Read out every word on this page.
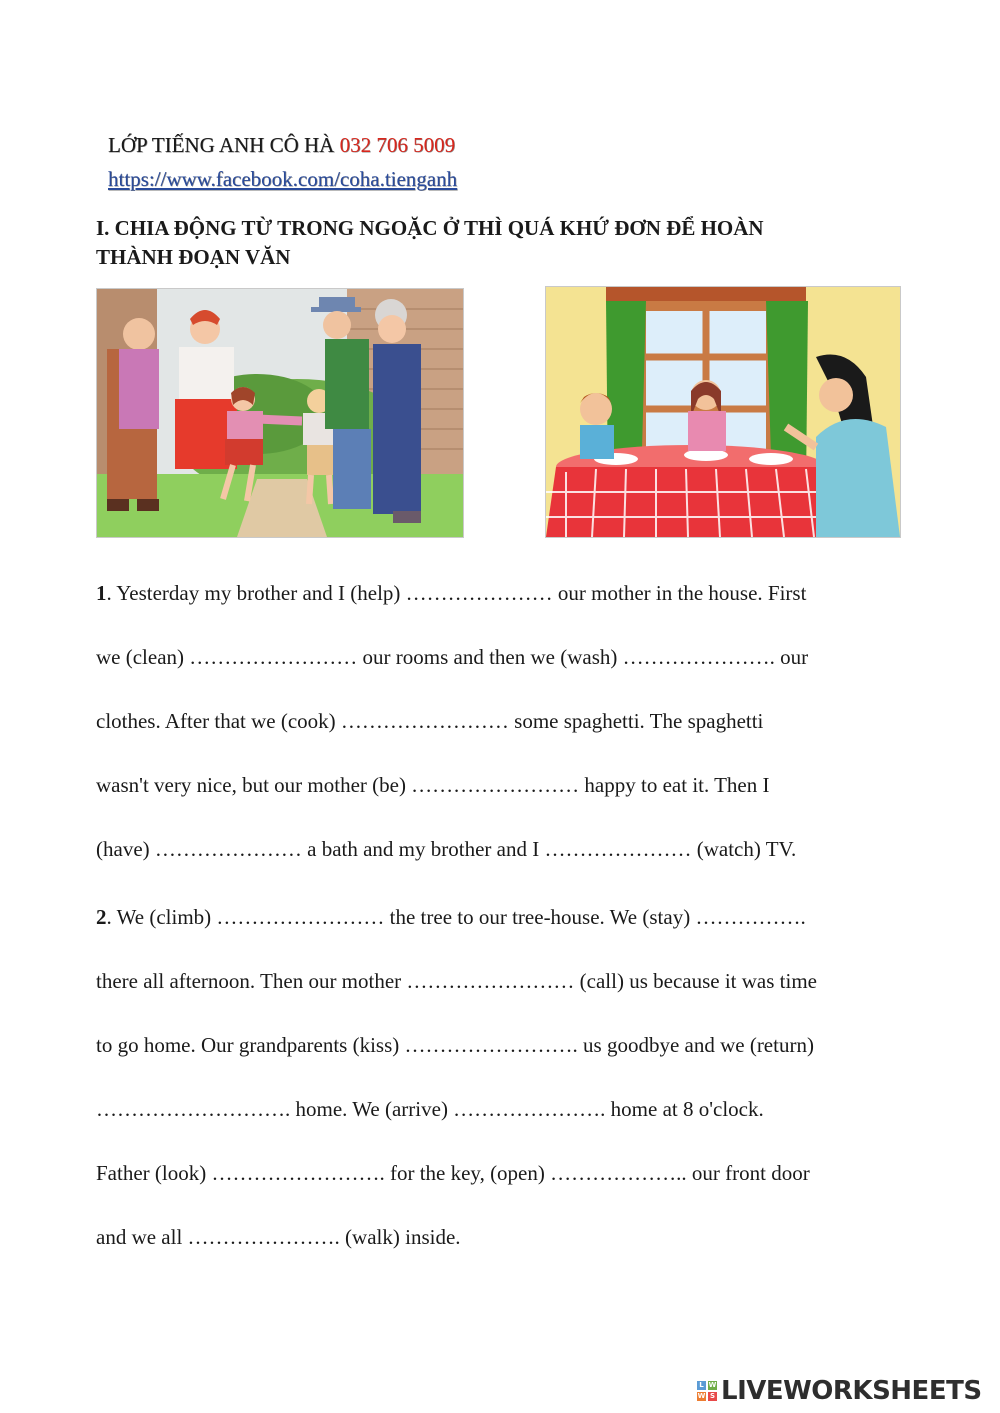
LỚP TIẾNG ANH CÔ HÀ 032 706 5009
https://www.facebook.com/coha.tienganh
I. CHIA ĐỘNG TỪ TRONG NGOẶC Ở THÌ QUÁ KHỨ ĐƠN ĐỂ HOÀN
THÀNH ĐOẠN VĂN

1. Yesterday my brother and I (help) ………………… our mother in the house. First

we (clean) …………………… our rooms and then we (wash) …………………. our

clothes. After that we (cook) …………………… some spaghetti. The spaghetti

wasn't very nice, but our mother (be) …………………… happy to eat it. Then I

(have) ………………… a bath and my brother and I ………………… (watch) TV.

2. We (climb) …………………… the tree to our tree-house. We (stay) …………….

there all afternoon. Then our mother …………………… (call) us because it was time

to go home. Our grandparents (kiss) ……………………. us goodbye and we (return)

………………………. home. We (arrive) …………………. home at 8 o'clock.

Father (look) ……………………. for the key, (open) ……………….. our front door

and we all …………………. (walk) inside.

L W
W S LIVEWORKSHEETS
